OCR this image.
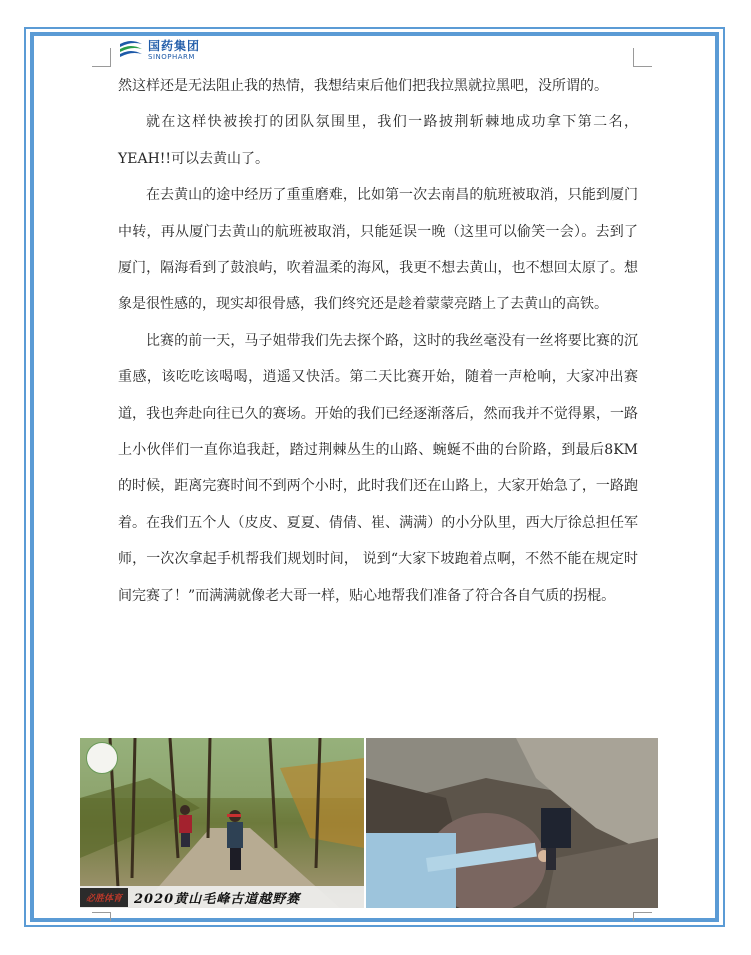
国药集团
SINOPHARM

然这样还是无法阻止我的热情，我想结束后他们把我拉黑就拉黑吧，没所谓的。

就在这样快被挨打的团队氛围里，我们一路披荆斩棘地成功拿下第二名，YEAH!!可以去黄山了。

在去黄山的途中经历了重重磨难，比如第一次去南昌的航班被取消，只能到厦门中转，再从厦门去黄山的航班被取消，只能延误一晚（这里可以偷笑一会）。去到了厦门，隔海看到了鼓浪屿，吹着温柔的海风，我更不想去黄山，也不想回太原了。想象是很性感的，现实却很骨感，我们终究还是趁着蒙蒙亮踏上了去黄山的高铁。

比赛的前一天，马子姐带我们先去探个路，这时的我丝毫没有一丝将要比赛的沉重感，该吃吃该喝喝，逍遥又快活。第二天比赛开始，随着一声枪响，大家冲出赛道，我也奔赴向往已久的赛场。开始的我们已经逐渐落后，然而我并不觉得累，一路上小伙伴们一直你追我赶，踏过荆棘丛生的山路、蜿蜒不曲的台阶路，到最后8KM的时候，距离完赛时间不到两个小时，此时我们还在山路上，大家开始急了，一路跑着。在我们五个人（皮皮、夏夏、倩倩、崔、满满）的小分队里，西大厅徐总担任军师，一次次拿起手机帮我们规划时间， 说到“大家下坡跑着点啊，不然不能在规定时间完赛了！”而满满就像老大哥一样，贴心地帮我们准备了符合各自气质的拐棍。

必胜体育 2020黄山毛峰古道越野赛
